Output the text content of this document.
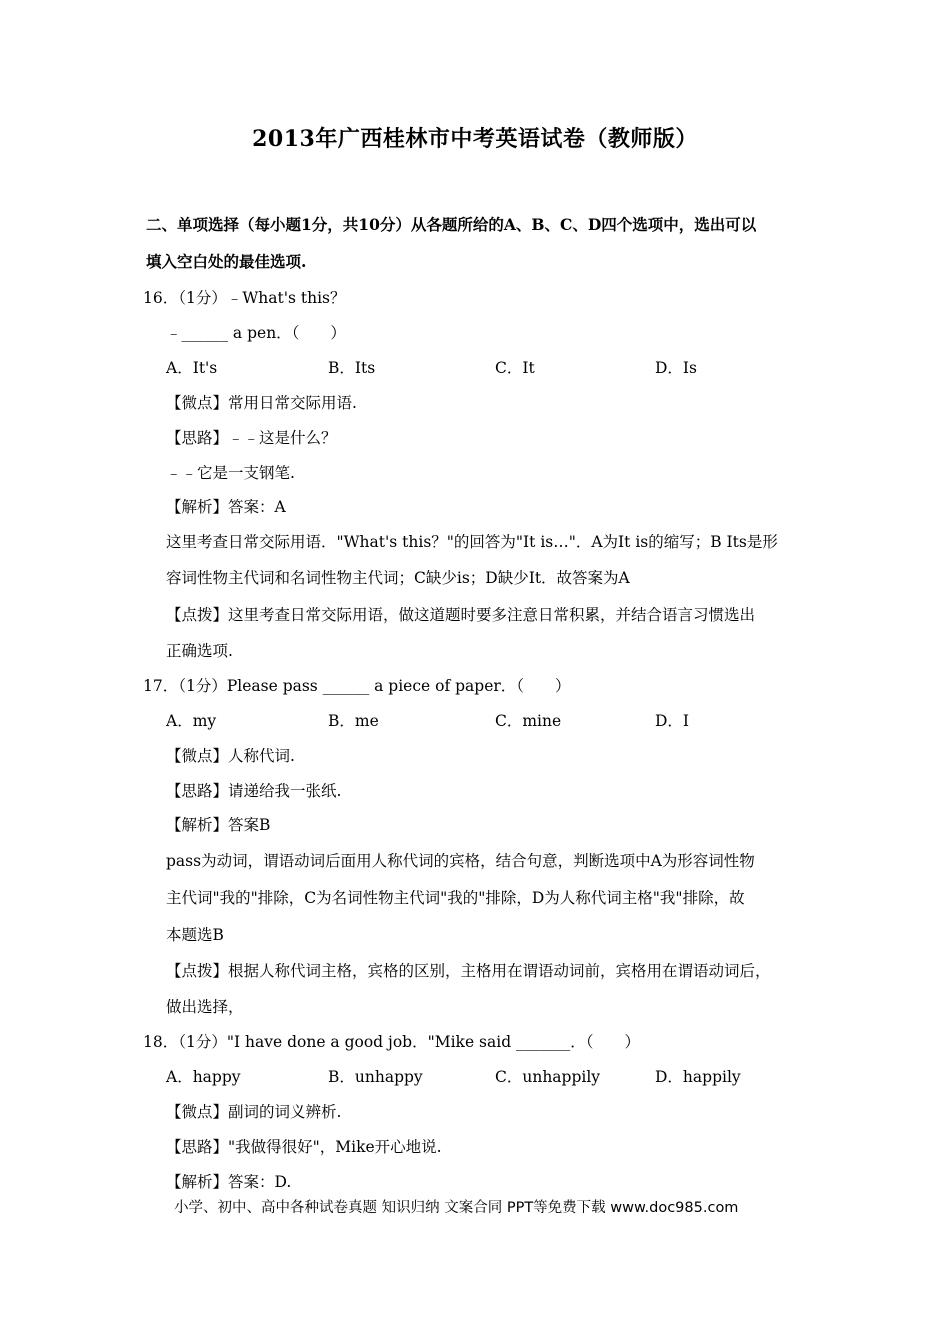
2013年广西桂林市中考英语试卷（教师版）
二、单项选择（每小题1分，共10分）从各题所给的A、B、C、D四个选项中，选出可以
填入空白处的最佳选项.
16．（1分）﹣What's this？
﹣______ a pen．（　　）
A．It's	B．Its	C．It	D．Is
【微点】常用日常交际用语.
【思路】﹣﹣这是什么？
﹣﹣它是一支钢笔.
【解析】答案：A
这里考查日常交际用语．"What's this？"的回答为"It is…"．A为It is的缩写；B Its是形
容词性物主代词和名词性物主代词；C缺少is；D缺少It．故答案为A
【点拨】这里考查日常交际用语，做这道题时要多注意日常积累，并结合语言习惯选出
正确选项.
17．（1分）Please pass ______ a piece of paper．（　　）
A．my	B．me	C．mine	D．I
【微点】人称代词.
【思路】请递给我一张纸.
【解析】答案B
pass为动词，谓语动词后面用人称代词的宾格，结合句意，判断选项中A为形容词性物
主代词"我的"排除，C为名词性物主代词"我的"排除，D为人称代词主格"我"排除，故
本题选B
【点拨】根据人称代词主格，宾格的区别，主格用在谓语动词前，宾格用在谓语动词后，
做出选择，
18．（1分）"I have done a good job．"Mike said _______．（　　）
A．happy	B．unhappy	C．unhappily	D．happily
【微点】副词的词义辨析.
【思路】"我做得很好"，Mike开心地说.
【解析】答案：D.
小学、初中、高中各种试卷真题 知识归纳 文案合同 PPT等免费下载 www.doc985.com
